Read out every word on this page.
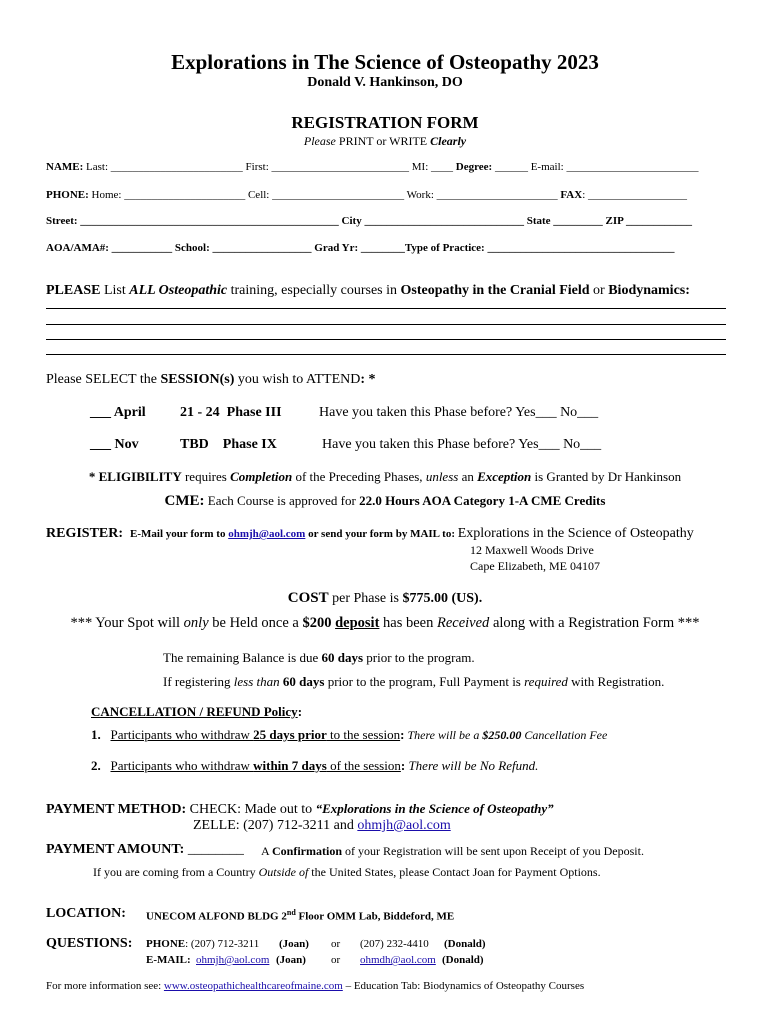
Explorations in The Science of Osteopathy 2023
Donald V. Hankinson, DO
REGISTRATION FORM
Please PRINT or WRITE Clearly
NAME: Last: ________________________ First: _________________________ MI: ____ Degree: ______ E-mail: ________________________
PHONE: Home: ______________________ Cell: ________________________ Work: ______________________ FAX: __________________
Street: _______________________________________________ City _____________________________ State _________ ZIP ____________
AOA/AMA#: ___________ School: __________________ Grad Yr: ________Type of Practice: __________________________________
PLEASE List ALL Osteopathic training, especially courses in Osteopathy in the Cranial Field or Biodynamics:
Please SELECT the SESSION(s) you wish to ATTEND: *
___ April 21 - 24 Phase III	Have you taken this Phase before? Yes___ No___
___ Nov	TBD Phase IX	Have you taken this Phase before? Yes___ No___
* ELIGIBILITY requires Completion of the Preceding Phases, unless an Exception is Granted by Dr Hankinson
CME: Each Course is approved for 22.0 Hours AOA Category 1-A CME Credits
REGISTER: E-Mail your form to ohmjh@aol.com or send your form by MAIL to: Explorations in the Science of Osteopathy
12 Maxwell Woods Drive
Cape Elizabeth, ME 04107
COST per Phase is $775.00 (US).
*** Your Spot will only be Held once a $200 deposit has been Received along with a Registration Form ***
The remaining Balance is due 60 days prior to the program.
If registering less than 60 days prior to the program, Full Payment is required with Registration.
CANCELLATION / REFUND Policy:
1. Participants who withdraw 25 days prior to the session: There will be a $250.00 Cancellation Fee
2. Participants who withdraw within 7 days of the session: There will be No Refund.
PAYMENT METHOD: CHECK: Made out to “Explorations in the Science of Osteopathy”
ZELLE: (207) 712-3211 and ohmjh@aol.com
PAYMENT AMOUNT: ________ A Confirmation of your Registration will be sent upon Receipt of you Deposit.
If you are coming from a Country Outside of the United States, please Contact Joan for Payment Options.
LOCATION: UNECOM ALFOND BLDG 2nd Floor OMM Lab, Biddeford, ME
QUESTIONS: PHONE: (207) 712-3211 (Joan) or (207) 232-4410 (Donald)
E-MAIL: ohmjh@aol.com (Joan) or ohmdh@aol.com (Donald)
For more information see: www.osteopathichealthcareofmaine.com – Education Tab: Biodynamics of Osteopathy Courses
